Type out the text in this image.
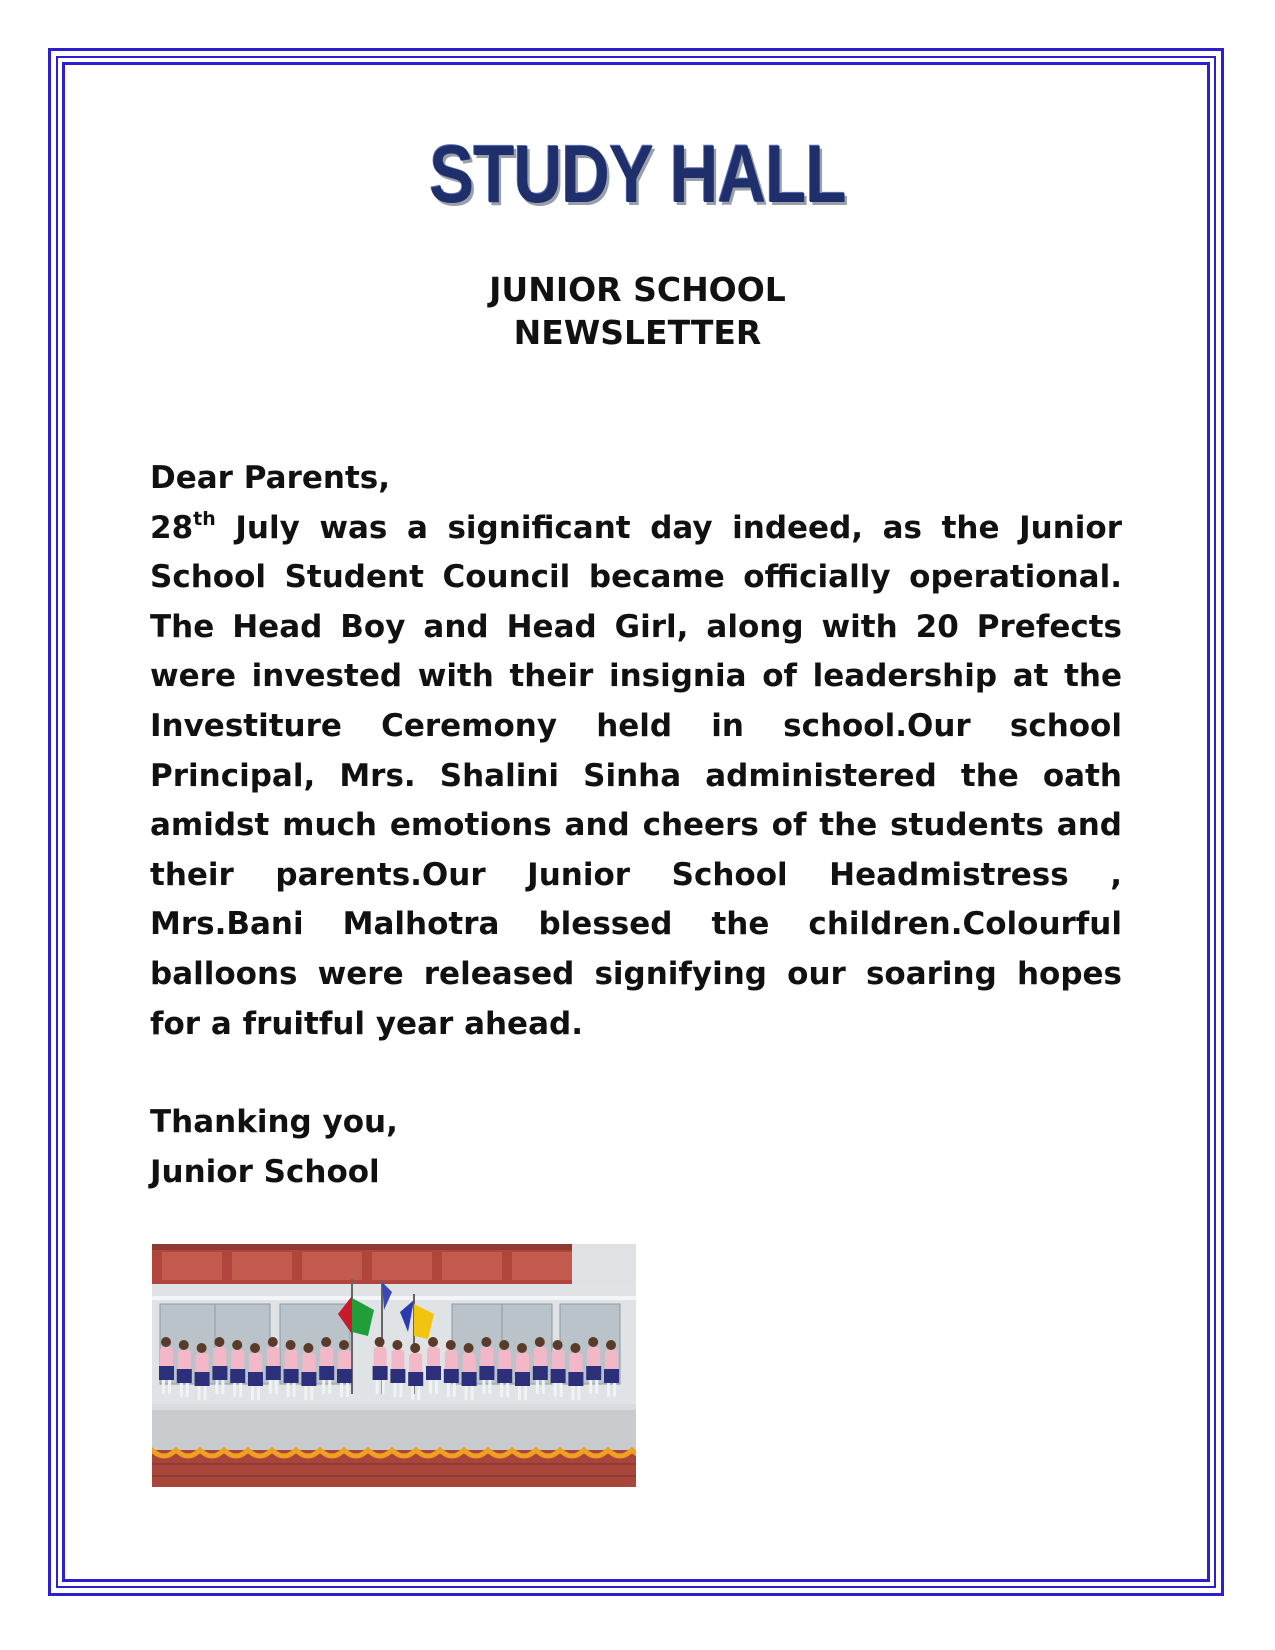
STUDY HALL
JUNIOR SCHOOL
NEWSLETTER

Dear Parents,

28th July was a significant day indeed, as the Junior School Student Council became officially operational. The Head Boy and Head Girl, along with 20 Prefects were invested with their insignia of leadership at the Investiture Ceremony held in school.Our school Principal, Mrs. Shalini Sinha administered the oath amidst much emotions and cheers of the students and their parents.Our Junior School Headmistress , Mrs.Bani Malhotra blessed the children.Colourful balloons were released signifying our soaring hopes for a fruitful year ahead.

Thanking you,

Junior School
